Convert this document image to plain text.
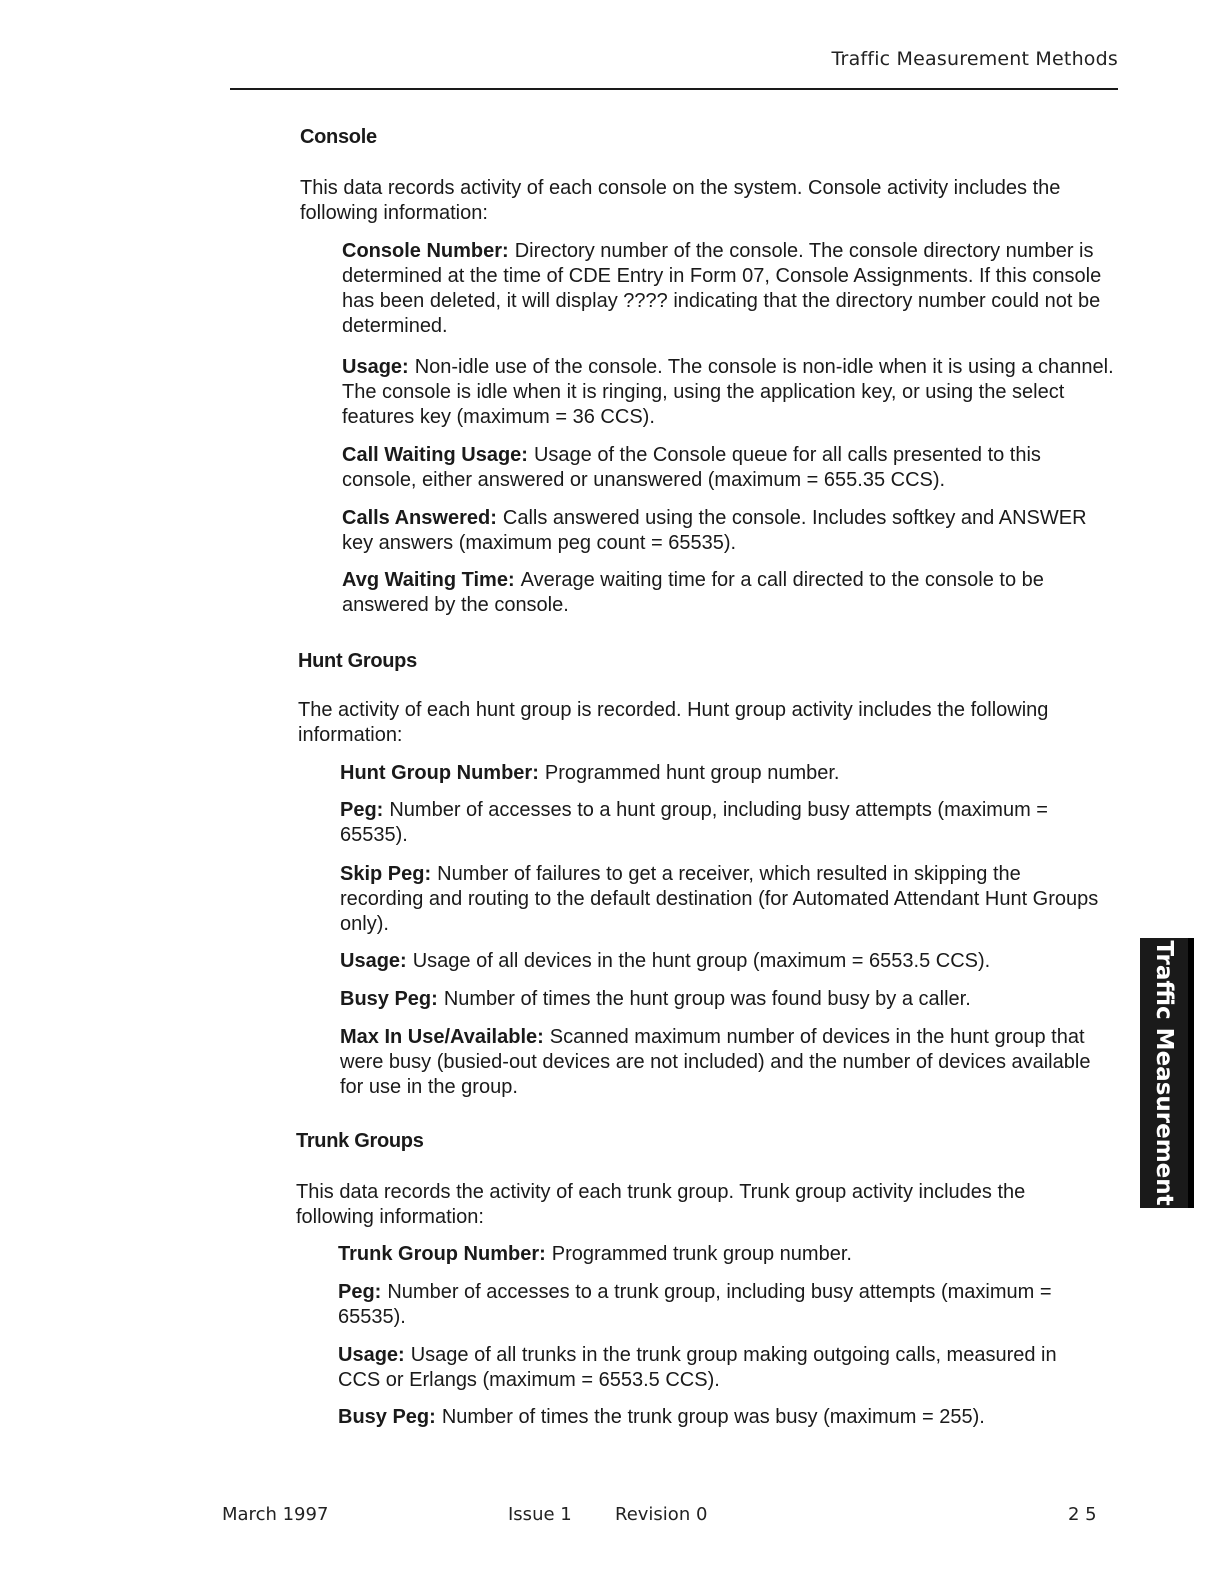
Traffic Measurement Methods
Console

This data records activity of each console on the system. Console activity includes the following information:

Console Number: Directory number of the console. The console directory number is determined at the time of CDE Entry in Form 07, Console Assignments. If this console has been deleted, it will display ???? indicating that the directory number could not be determined.

Usage: Non-idle use of the console. The console is non-idle when it is using a channel. The console is idle when it is ringing, using the application key, or using the select features key (maximum = 36 CCS).

Call Waiting Usage: Usage of the Console queue for all calls presented to this console, either answered or unanswered (maximum = 655.35 CCS).

Calls Answered: Calls answered using the console. Includes softkey and ANSWER key answers (maximum peg count = 65535).

Avg Waiting Time: Average waiting time for a call directed to the console to be answered by the console.

Hunt Groups

The activity of each hunt group is recorded. Hunt group activity includes the following information:

Hunt Group Number: Programmed hunt group number.

Peg: Number of accesses to a hunt group, including busy attempts (maximum = 65535).

Skip Peg: Number of failures to get a receiver, which resulted in skipping the recording and routing to the default destination (for Automated Attendant Hunt Groups only).

Usage: Usage of all devices in the hunt group (maximum = 6553.5 CCS).

Busy Peg: Number of times the hunt group was found busy by a caller.

Max In Use/Available: Scanned maximum number of devices in the hunt group that were busy (busied-out devices are not included) and the number of devices available for use in the group.

Trunk Groups

This data records the activity of each trunk group. Trunk group activity includes the following information:

Trunk Group Number: Programmed trunk group number.

Peg: Number of accesses to a trunk group, including busy attempts (maximum = 65535).

Usage: Usage of all trunks in the trunk group making outgoing calls, measured in CCS or Erlangs (maximum = 6553.5 CCS).

Busy Peg: Number of times the trunk group was busy (maximum = 255).

Traffic Measurement
March 1997	Issue 1 Revision 0	2 5
